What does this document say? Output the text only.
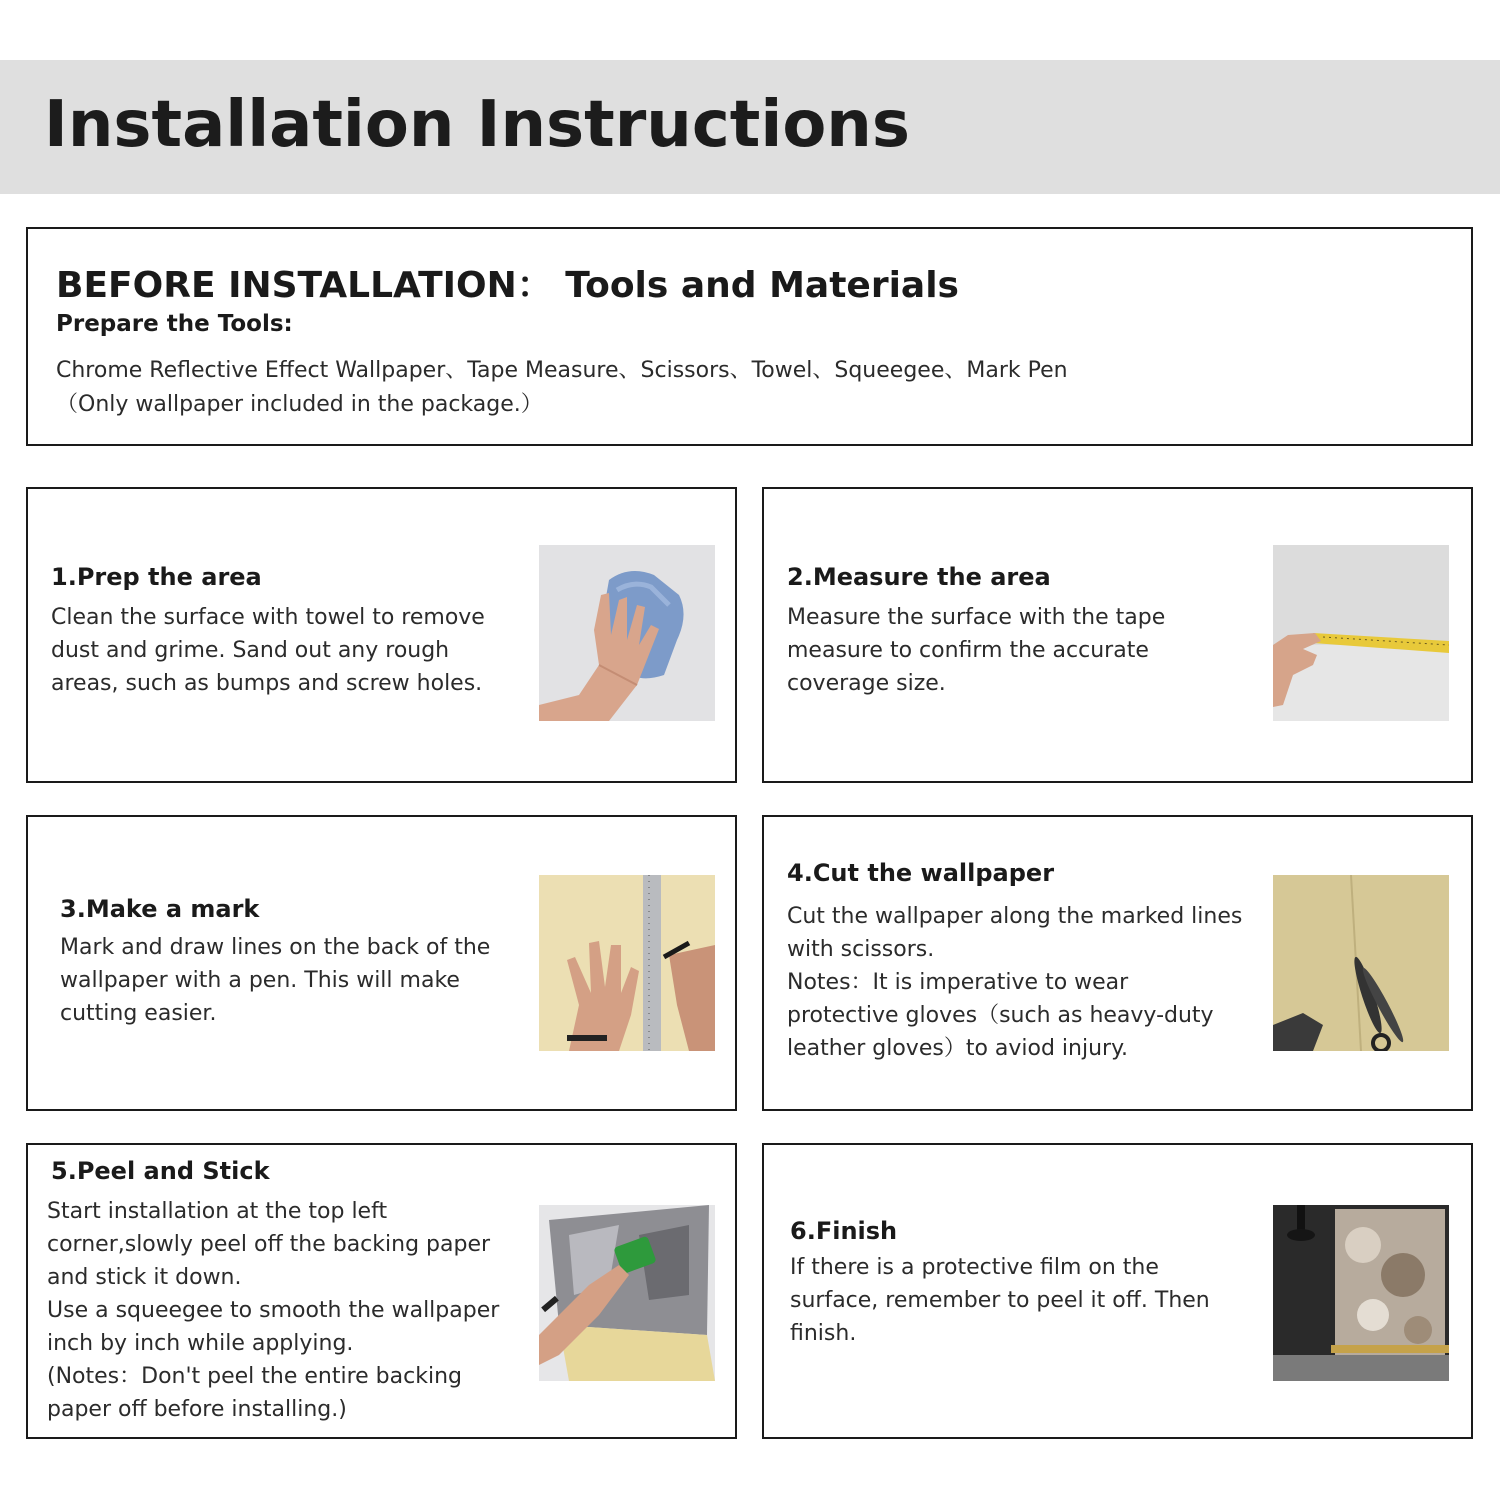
Installation Instructions
BEFORE INSTALLATION： Tools and Materials
Prepare the Tools:
Chrome Reflective Effect Wallpaper、Tape Measure、Scissors、Towel、Squeegee、Mark Pen
（Only wallpaper included in the package.）
1.Prep the area
Clean the surface with towel to remove
dust and grime. Sand out any rough
areas, such as bumps and screw holes.
2.Measure the area
Measure the surface with the tape
measure to confirm the accurate
coverage size.
3.Make a mark
Mark and draw lines on the back of the
wallpaper with a pen. This will make
cutting easier.
4.Cut the wallpaper
Cut the wallpaper along the marked lines
with scissors.
Notes：It is imperative to wear
protective gloves（such as heavy-duty
leather gloves）to aviod injury.
5.Peel and Stick
Start installation at the top left
corner,slowly peel off the backing paper
and stick it down.
Use a squeegee to smooth the wallpaper
inch by inch while applying.
(Notes：Don't peel the entire backing
paper off before installing.)
6.Finish
If there is a protective film on the
surface, remember to peel it off. Then
finish.
